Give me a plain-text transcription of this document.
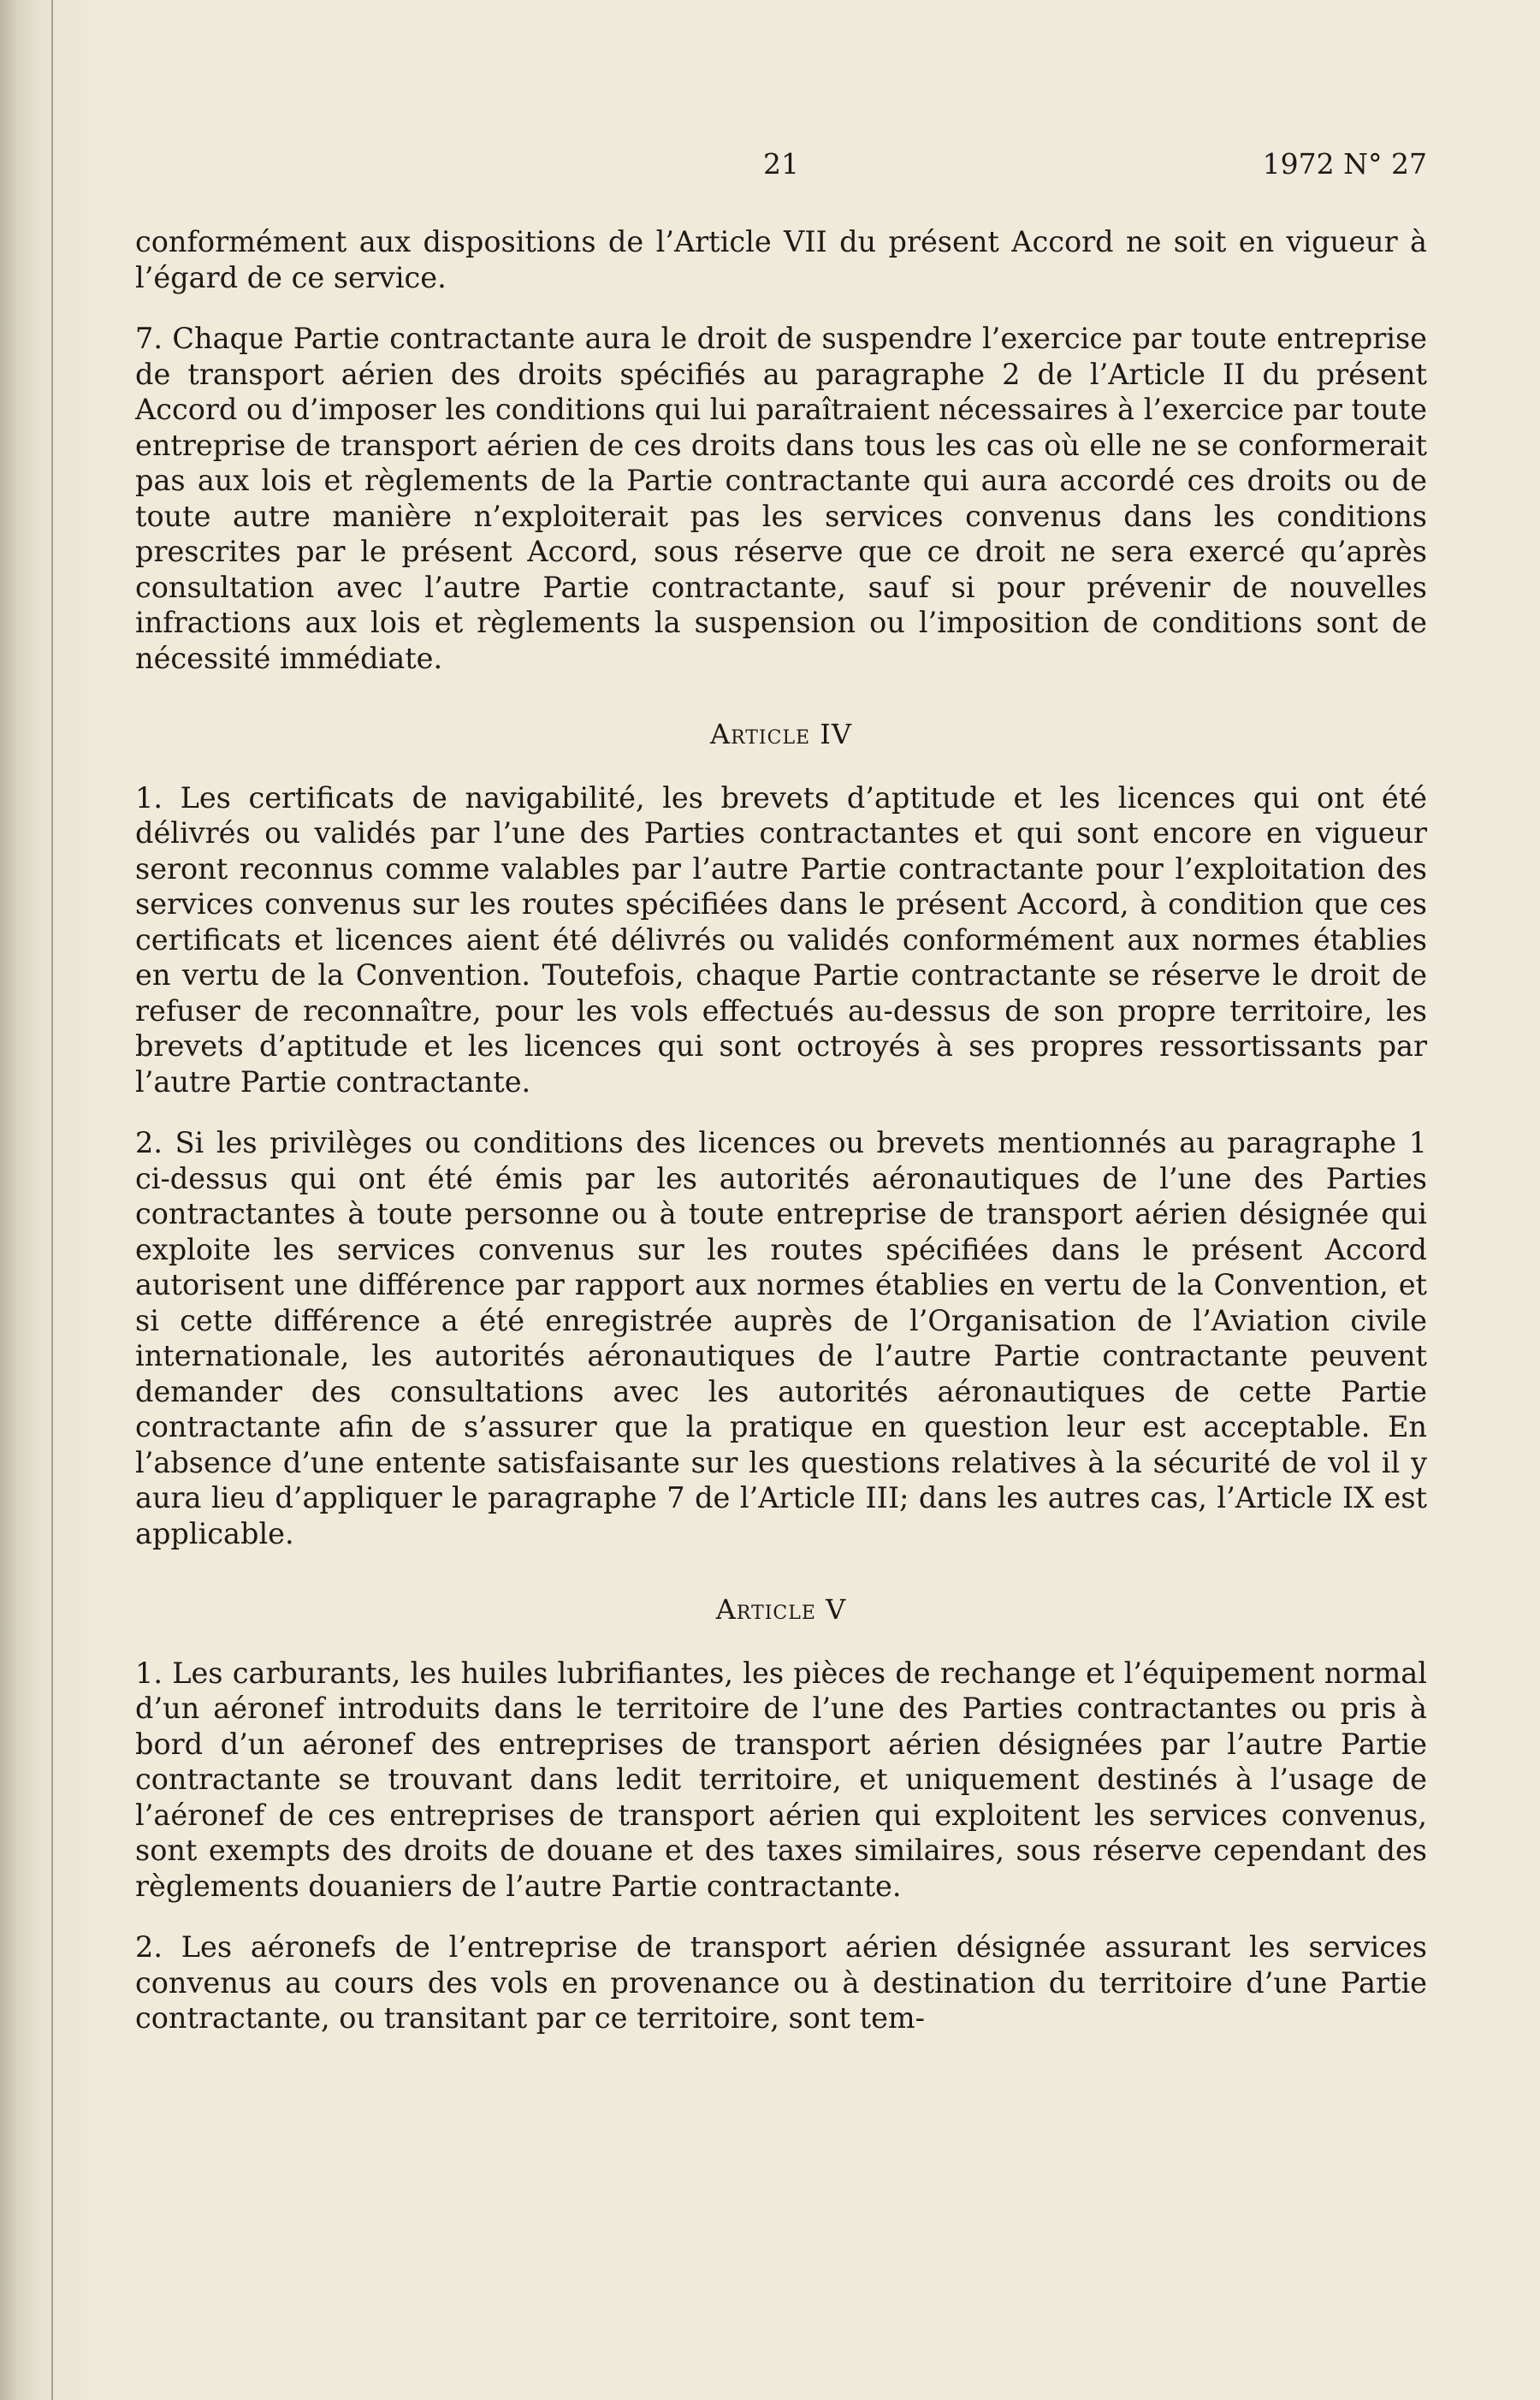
21	1972 N° 27

conformément aux dispositions de l’Article VII du présent Accord ne soit en vigueur à l’égard de ce service.

7. Chaque Partie contractante aura le droit de suspendre l’exercice par toute entreprise de transport aérien des droits spécifiés au paragraphe 2 de l’Article II du présent Accord ou d’imposer les conditions qui lui paraîtraient nécessaires à l’exercice par toute entreprise de transport aérien de ces droits dans tous les cas où elle ne se conformerait pas aux lois et règlements de la Partie contractante qui aura accordé ces droits ou de toute autre manière n’exploiterait pas les services convenus dans les conditions prescrites par le présent Accord, sous réserve que ce droit ne sera exercé qu’après consultation avec l’autre Partie contractante, sauf si pour prévenir de nouvelles infractions aux lois et règlements la suspension ou l’imposition de conditions sont de nécessité immédiate.

Article IV

1. Les certificats de navigabilité, les brevets d’aptitude et les licences qui ont été délivrés ou validés par l’une des Parties contractantes et qui sont encore en vigueur seront reconnus comme valables par l’autre Partie contractante pour l’exploitation des services convenus sur les routes spécifiées dans le présent Accord, à condition que ces certificats et licences aient été délivrés ou validés conformément aux normes établies en vertu de la Convention. Toutefois, chaque Partie contractante se réserve le droit de refuser de reconnaître, pour les vols effectués au-dessus de son propre territoire, les brevets d’aptitude et les licences qui sont octroyés à ses propres ressortissants par l’autre Partie contractante.

2. Si les privilèges ou conditions des licences ou brevets mentionnés au paragraphe 1 ci-dessus qui ont été émis par les autorités aéronautiques de l’une des Parties contractantes à toute personne ou à toute entreprise de transport aérien désignée qui exploite les services convenus sur les routes spécifiées dans le présent Accord autorisent une différence par rapport aux normes établies en vertu de la Convention, et si cette différence a été enregistrée auprès de l’Organisation de l’Aviation civile internationale, les autorités aéronautiques de l’autre Partie contractante peuvent demander des consultations avec les autorités aéronautiques de cette Partie contractante afin de s’assurer que la pratique en question leur est acceptable. En l’absence d’une entente satisfaisante sur les questions relatives à la sécurité de vol il y aura lieu d’appliquer le paragraphe 7 de l’Article III; dans les autres cas, l’Article IX est applicable.

Article V

1. Les carburants, les huiles lubrifiantes, les pièces de rechange et l’équipement normal d’un aéronef introduits dans le territoire de l’une des Parties contractantes ou pris à bord d’un aéronef des entreprises de transport aérien désignées par l’autre Partie contractante se trouvant dans ledit territoire, et uniquement destinés à l’usage de l’aéronef de ces entreprises de transport aérien qui exploitent les services convenus, sont exempts des droits de douane et des taxes similaires, sous réserve cependant des règlements douaniers de l’autre Partie contractante.

2. Les aéronefs de l’entreprise de transport aérien désignée assurant les services convenus au cours des vols en provenance ou à destination du territoire d’une Partie contractante, ou transitant par ce territoire, sont tem-
